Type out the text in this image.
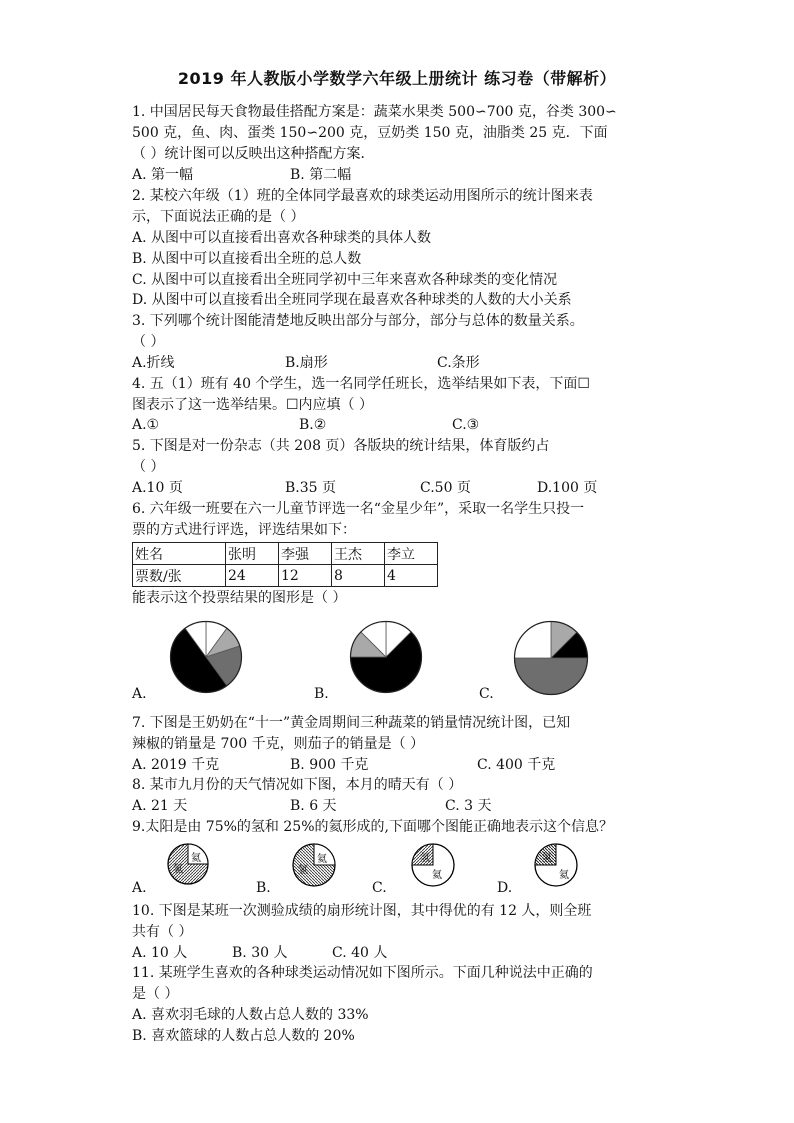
2019 年人教版小学数学六年级上册统计 练习卷（带解析）
1. 中国居民每天食物最佳搭配方案是：蔬菜水果类 500∽700 克，谷类 300∽
500 克，鱼、肉、蛋类 150∽200 克，豆奶类 150 克，油脂类 25 克．下面
（ ）统计图可以反映出这种搭配方案．
A. 第一幅	B. 第二幅
2. 某校六年级（1）班的全体同学最喜欢的球类运动用图所示的统计图来表
示，下面说法正确的是（ ）
A. 从图中可以直接看出喜欢各种球类的具体人数
B. 从图中可以直接看出全班的总人数
C. 从图中可以直接看出全班同学初中三年来喜欢各种球类的变化情况
D. 从图中可以直接看出全班同学现在最喜欢各种球类的人数的大小关系
3. 下列哪个统计图能清楚地反映出部分与部分，部分与总体的数量关系。
（ ）
A.折线	B.扇形	C.条形
4. 五（1）班有 40 个学生，选一名同学任班长，选举结果如下表，下面☐
图表示了这一选举结果。☐内应填（ ）
A.①	B.②	C.③
5. 下图是对一份杂志（共 208 页）各版块的统计结果，体育版约占
（ ）
A.10 页	B.35 页	C.50 页	D.100 页
6. 六年级一班要在六一儿童节评选一名“金星少年”，采取一名学生只投一
票的方式进行评选，评选结果如下：
姓名	张明	李强	王杰	李立
票数/张	24	12	8	4
能表示这个投票结果的图形是（ ）
A.	B.	C.
7. 下图是王奶奶在“十一”黄金周期间三种蔬菜的销量情况统计图，已知
辣椒的销量是 700 千克，则茄子的销量是（ ）
A. 2019 千克	B. 900 千克	C. 400 千克
8. 某市九月份的天气情况如下图，本月的晴天有（ ）
A. 21 天	B. 6 天	C. 3 天
9.太阳是由 75%的氢和 25%的氦形成的,下面哪个图能正确地表示这个信息？
氢
氦
氢
氦	氢
氦
氢
氦
A.	B.	C.	D.
10. 下图是某班一次测验成绩的扇形统计图，其中得优的有 12 人，则全班
共有（ ）
A. 10 人	B. 30 人	C. 40 人
11. 某班学生喜欢的各种球类运动情况如下图所示。下面几种说法中正确的
是（ ）
A. 喜欢羽毛球的人数占总人数的 33%
B. 喜欢篮球的人数占总人数的 20%
